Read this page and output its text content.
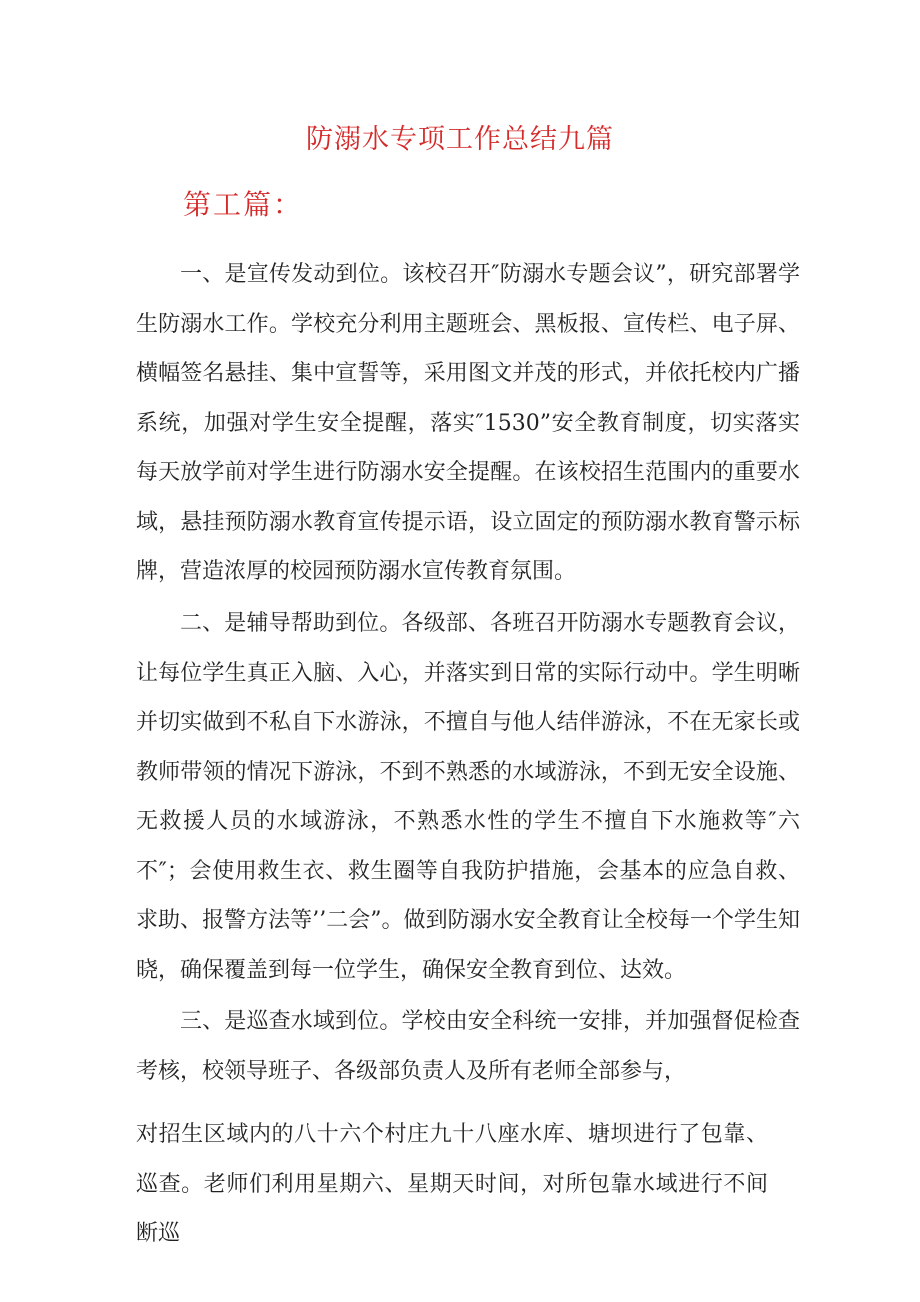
防溺水专项工作总结九篇
第工篇：

一、是宣传发动到位。该校召开″防溺水专题会议”，研究部署学生防溺水工作。学校充分利用主题班会、黑板报、宣传栏、电子屏、横幅签名悬挂、集中宣誓等，采用图文并茂的形式，并依托校内广播系统，加强对学生安全提醒，落实″1530”安全教育制度，切实落实每天放学前对学生进行防溺水安全提醒。在该校招生范围内的重要水域，悬挂预防溺水教育宣传提示语，设立固定的预防溺水教育警示标牌，营造浓厚的校园预防溺水宣传教育氛围。

二、是辅导帮助到位。各级部、各班召开防溺水专题教育会议，让每位学生真正入脑、入心，并落实到日常的实际行动中。学生明晰并切实做到不私自下水游泳，不擅自与他人结伴游泳，不在无家长或教师带领的情况下游泳，不到不熟悉的水域游泳，不到无安全设施、无救援人员的水域游泳，不熟悉水性的学生不擅自下水施救等″六不″；会使用救生衣、救生圈等自我防护措施，会基本的应急自救、求助、报警方法等’’二会”。做到防溺水安全教育让全校每一个学生知晓，确保覆盖到每一位学生，确保安全教育到位、达效。

三、是巡查水域到位。学校由安全科统一安排，并加强督促检查考核，校领导班子、各级部负责人及所有老师全部参与，

对招生区域内的八十六个村庄九十八座水库、塘坝进行了包靠、巡查。老师们利用星期六、星期天时间，对所包靠水域进行不间断巡
